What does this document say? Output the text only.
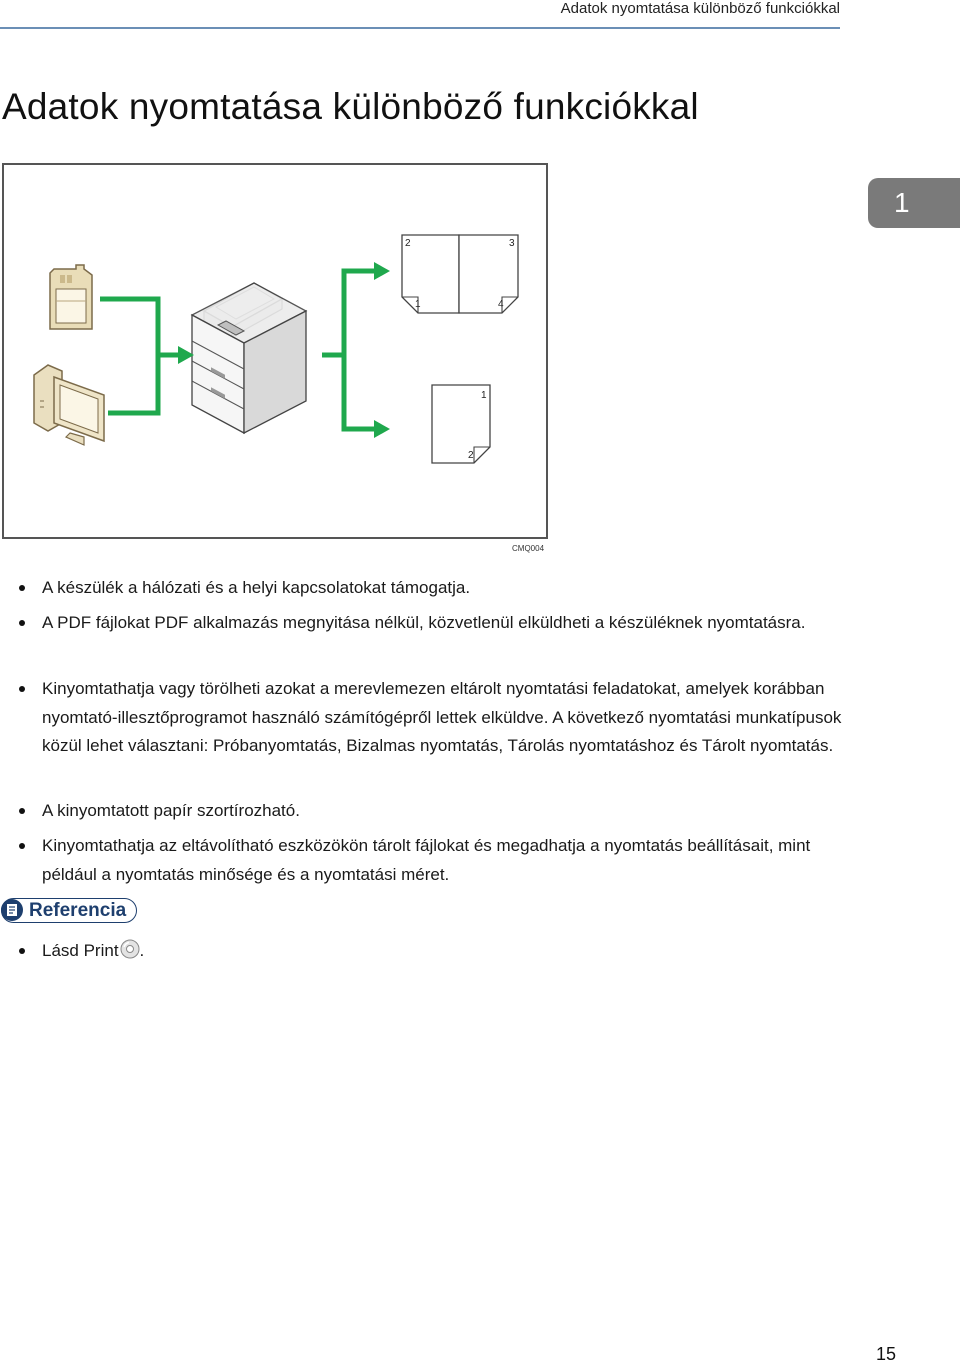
Adatok nyomtatása különböző funkciókkal
Adatok nyomtatása különböző funkciókkal
1
2	3
1	4
1
2
CMQ004
A készülék a hálózati és a helyi kapcsolatokat támogatja.
A PDF fájlokat PDF alkalmazás megnyitása nélkül, közvetlenül elküldheti a készüléknek nyomtatásra.
Kinyomtathatja vagy törölheti azokat a merevlemezen eltárolt nyomtatási feladatokat, amelyek korábban nyomtató-illesztőprogramot használó számítógépről lettek elküldve. A következő nyomtatási munkatípusok közül lehet választani: Próbanyomtatás, Bizalmas nyomtatás, Tárolás nyomtatáshoz és Tárolt nyomtatás.
A kinyomtatott papír szortírozható.
Kinyomtathatja az eltávolítható eszközökön tárolt fájlokat és megadhatja a nyomtatás beállításait, mint például a nyomtatás minősége és a nyomtatási méret.
Referencia
Lásd Print .
15
